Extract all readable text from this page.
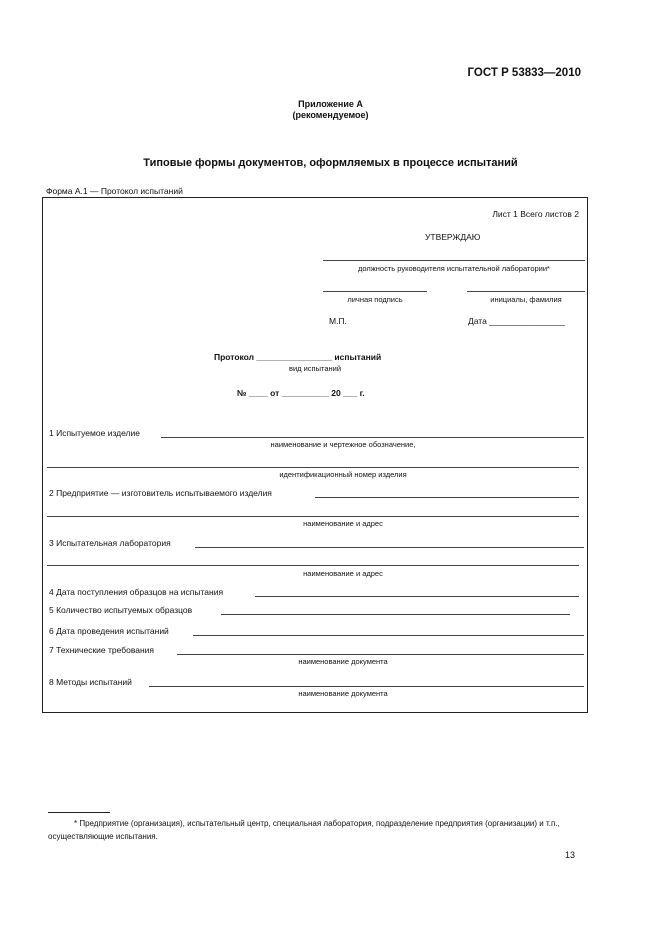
ГОСТ Р 53833—2010
Приложение А
(рекомендуемое)
Типовые формы документов, оформляемых в процессе испытаний
Форма А.1 — Протокол испытаний
Лист 1 Всего листов 2
УТВЕРЖДАЮ
должность руководителя испытательной лаборатории*
личная подпись	инициалы, фамилия
М.П.	Дата ________________
Протокол ________________ испытаний
вид испытаний
№ ____ от __________ 20 ___ г.
1 Испытуемое изделие
наименование и чертежное обозначение,
идентификационный номер изделия
2 Предприятие — изготовитель испытываемого изделия
наименование и адрес
3 Испытательная лаборатория
наименование и адрес
4 Дата поступления образцов на испытания
5 Количество испытуемых образцов
6 Дата проведения испытаний
7 Технические требования
наименование документа
8 Методы испытаний
наименование документа
* Предприятие (организация), испытательный центр, специальная лаборатория, подразделение предприятия (организации) и т.п., осуществляющие испытания.
13
